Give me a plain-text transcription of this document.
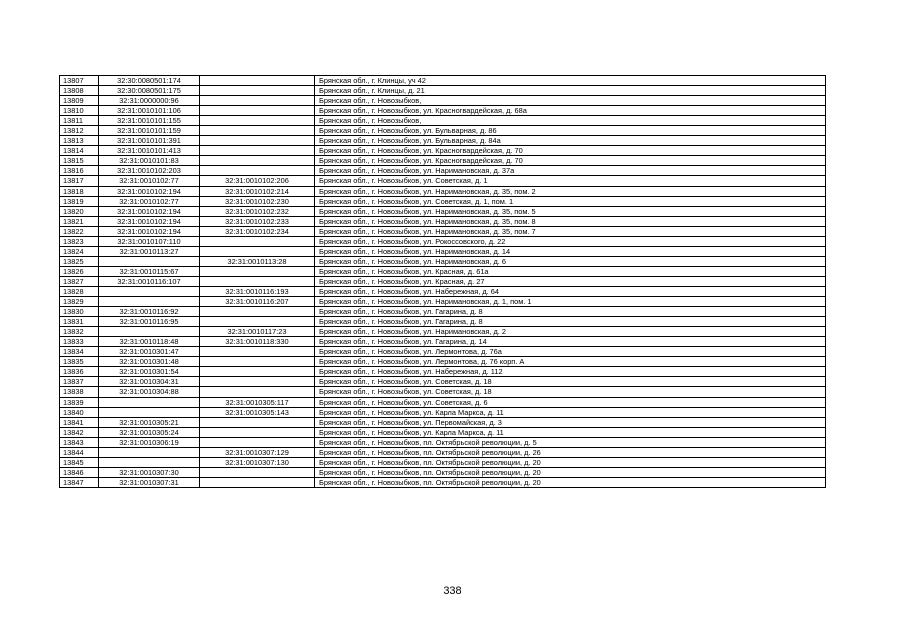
13807	32:30:0080501:174		Брянская обл., г. Клинцы, уч 42
13808	32:30:0080501:175		Брянская обл., г. Клинцы, д. 21
13809	32:31:0000000:96		Брянская обл., г. Новозыбков,
13810	32:31:0010101:106		Брянская обл., г. Новозыбков, ул. Красногвардейская, д. 68а
13811	32:31:0010101:155		Брянская обл., г. Новозыбков,
13812	32:31:0010101:159		Брянская обл., г. Новозыбков, ул. Бульварная, д. 86
13813	32:31:0010101:391		Брянская обл., г. Новозыбков, ул. Бульварная, д. 84а
13814	32:31:0010101:413		Брянская обл., г. Новозыбков, ул. Красногвардейская, д. 70
13815	32:31:0010101:83		Брянская обл., г. Новозыбков, ул. Красногвардейская, д. 70
13816	32:31:0010102:203		Брянская обл., г. Новозыбков, ул. Наримановская, д. 37а
13817	32:31:0010102:77	32:31:0010102:206	Брянская обл., г. Новозыбков, ул. Советская, д. 1
13818	32:31:0010102:194	32:31:0010102:214	Брянская обл., г. Новозыбков, ул. Наримановская, д. 35, пом. 2
13819	32:31:0010102:77	32:31:0010102:230	Брянская обл., г. Новозыбков, ул. Советская, д. 1, пом. 1
13820	32:31:0010102:194	32:31:0010102:232	Брянская обл., г. Новозыбков, ул. Наримановская, д. 35, пом. 5
13821	32:31:0010102:194	32:31:0010102:233	Брянская обл., г. Новозыбков, ул. Наримановская, д. 35, пом. 8
13822	32:31:0010102:194	32:31:0010102:234	Брянская обл., г. Новозыбков, ул. Наримановская, д. 35, пом. 7
13823	32:31:0010107:110		Брянская обл., г. Новозыбков, ул. Рокоссовского, д. 22
13824	32:31:0010113:27		Брянская обл., г. Новозыбков, ул. Наримановская, д. 14
13825		32:31:0010113:28	Брянская обл., г. Новозыбков, ул. Наримановская, д. 6
13826	32:31:0010115:67		Брянская обл., г. Новозыбков, ул. Красная, д. 61а
13827	32:31:0010116:107		Брянская обл., г. Новозыбков, ул. Красная, д. 27
13828		32:31:0010116:193	Брянская обл., г. Новозыбков, ул. Набережная, д. 64
13829		32:31:0010116:207	Брянская обл., г. Новозыбков, ул. Наримановская, д. 1, пом. 1
13830	32:31:0010116:92		Брянская обл., г. Новозыбков, ул. Гагарина, д. 8
13831	32:31:0010116:95		Брянская обл., г. Новозыбков, ул. Гагарина, д. 8
13832		32:31:0010117:23	Брянская обл., г. Новозыбков, ул. Наримановская, д. 2
13833	32:31:0010118:48	32:31:0010118:330	Брянская обл., г. Новозыбков, ул. Гагарина, д. 14
13834	32:31:0010301:47		Брянская обл., г. Новозыбков, ул. Лермонтова, д. 76а
13835	32:31:0010301:48		Брянская обл., г. Новозыбков, ул. Лермонтова, д. 76 корп. А
13836	32:31:0010301:54		Брянская обл., г. Новозыбков, ул. Набережная, д. 112
13837	32:31:0010304:31		Брянская обл., г. Новозыбков, ул. Советская, д. 18
13838	32:31:0010304:88		Брянская обл., г. Новозыбков, ул. Советская, д. 18
13839		32:31:0010305:117	Брянская обл., г. Новозыбков, ул. Советская, д. 6
13840		32:31:0010305:143	Брянская обл., г. Новозыбков, ул. Карла Маркса, д. 11
13841	32:31:0010305:21		Брянская обл., г. Новозыбков, ул. Первомайская, д. 3
13842	32:31:0010305:24		Брянская обл., г. Новозыбков, ул. Карла Маркса, д. 11
13843	32:31:0010306:19		Брянская обл., г. Новозыбков, пл. Октябрьской революции, д. 5
13844		32:31:0010307:129	Брянская обл., г. Новозыбков, пл. Октябрьской революции, д. 26
13845		32:31:0010307:130	Брянская обл., г. Новозыбков, пл. Октябрьской революции, д. 20
13846	32:31:0010307:30		Брянская обл., г. Новозыбков, пл. Октябрьской революции, д. 20
13847	32:31:0010307:31		Брянская обл., г. Новозыбков, пл. Октябрьской революции, д. 20
338
